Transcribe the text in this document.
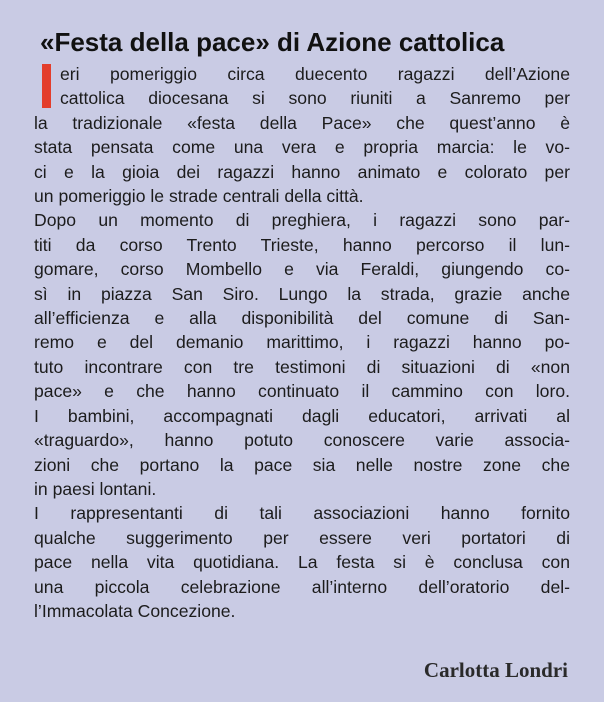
«Festa della pace» di Azione cattolica
eri pomeriggio circa duecento ragazzi dell’Azione
cattolica diocesana si sono riuniti a Sanremo per
la tradizionale «festa della Pace» che quest’anno è
stata pensata come una vera e propria marcia: le vo-
ci e la gioia dei ragazzi hanno animato e colorato per
un pomeriggio le strade centrali della città.
Dopo un momento di preghiera, i ragazzi sono par-
titi da corso Trento Trieste, hanno percorso il lun-
gomare, corso Mombello e via Feraldi, giungendo co-
sì in piazza San Siro. Lungo la strada, grazie anche
all’efficienza e alla disponibilità del comune di San-
remo e del demanio marittimo, i ragazzi hanno po-
tuto incontrare con tre testimoni di situazioni di «non
pace» e che hanno continuato il cammino con loro.
I bambini, accompagnati dagli educatori, arrivati al
«traguardo», hanno potuto conoscere varie associa-
zioni che portano la pace sia nelle nostre zone che
in paesi lontani.
I rappresentanti di tali associazioni hanno fornito
qualche suggerimento per essere veri portatori di
pace nella vita quotidiana. La festa si è conclusa con
una piccola celebrazione all’interno dell’oratorio del-
l’Immacolata Concezione.
Carlotta Londri
